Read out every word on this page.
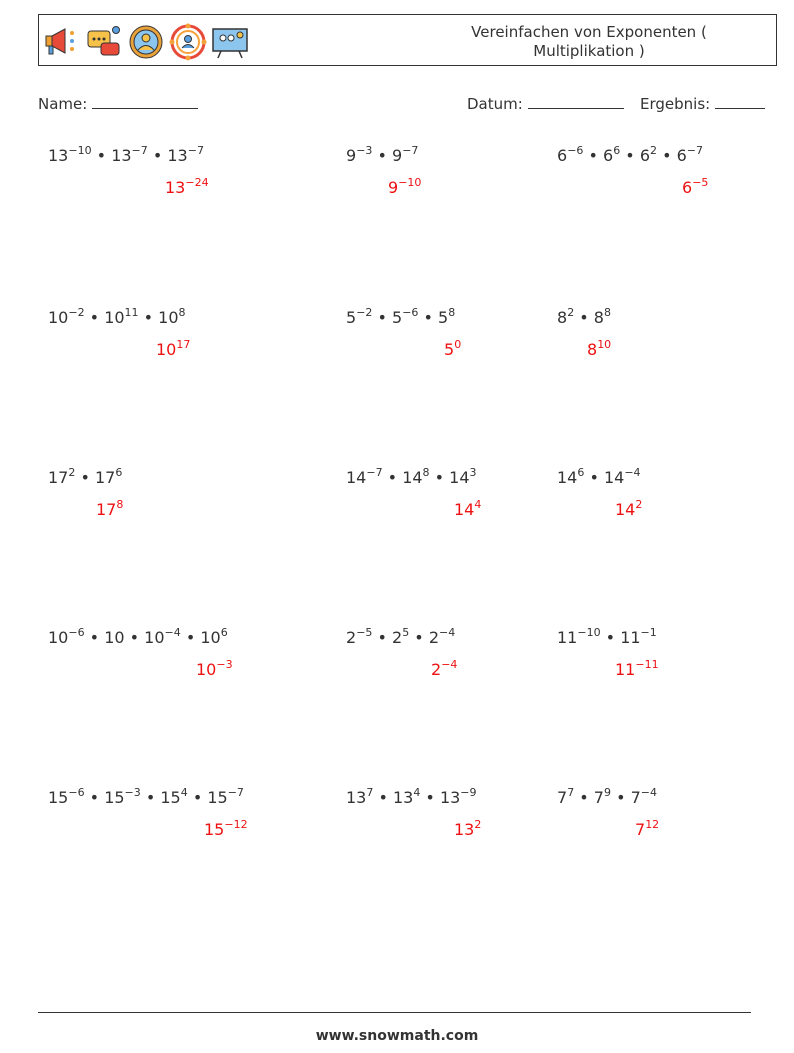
Vereinfachen von Exponenten (
Multiplikation )
Name:	Datum:	Ergebnis:
$13^{-10}$ • $13^{-7}$ • $13^{-7}$
$13^{-24}$
$9^{-3}$ • $9^{-7}$
$9^{-10}$
$6^{-6}$ • $6^6$ • $6^2$ • $6^{-7}$
$6^{-5}$
$10^{-2}$ • $10^{11}$ • $10^8$
$10^{17}$
$5^{-2}$ • $5^{-6}$ • $5^8$
$5^0$
$8^2$ • $8^8$
$8^{10}$
$17^2$ • $17^6$
$17^8$
$14^{-7}$ • $14^8$ • $14^3$
$14^4$
$14^6$ • $14^{-4}$
$14^2$
$10^{-6}$ • 10 • $10^{-4}$ • $10^6$
$10^{-3}$
$2^{-5}$ • $2^5$ • $2^{-4}$
$2^{-4}$
$11^{-10}$ • $11^{-1}$
$11^{-11}$
$15^{-6}$ • $15^{-3}$ • $15^4$ • $15^{-7}$
$15^{-12}$
$13^7$ • $13^4$ • $13^{-9}$
$13^2$
$7^7$ • $7^9$ • $7^{-4}$
$7^{12}$
www.snowmath.com
